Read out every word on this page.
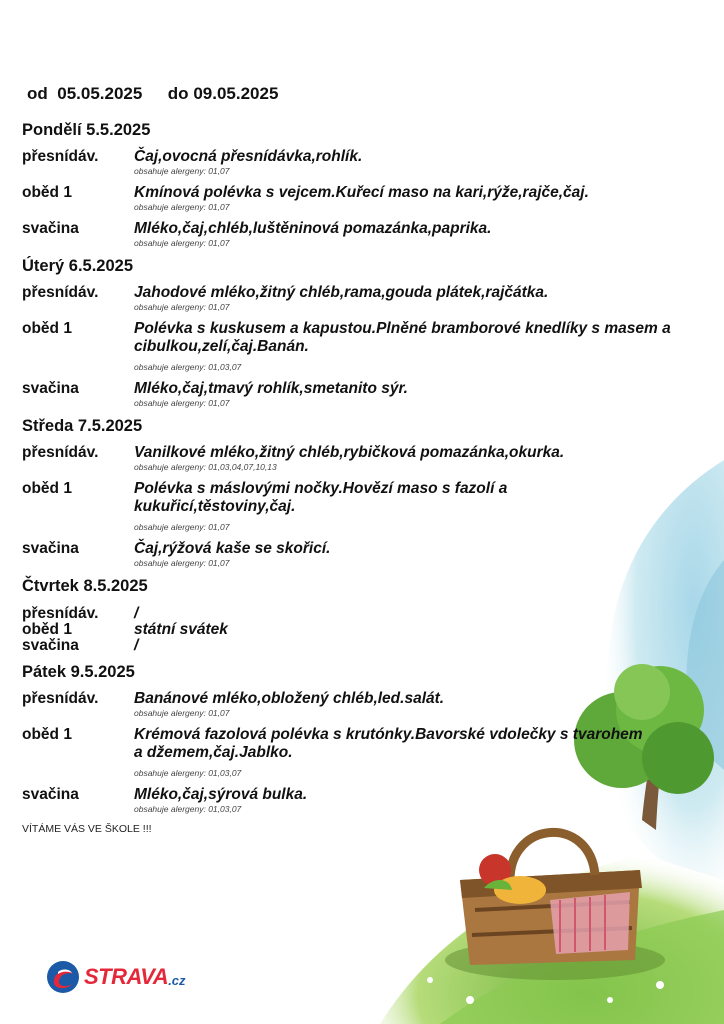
od 05.05.2025 do 09.05.2025
Pondělí 5.5.2025
přesnídáv. Čaj,ovocná přesnídávka,rohlík.
obsahuje alergeny: 01,07
oběd 1	Kmínová polévka s vejcem.Kuřecí maso na kari,rýže,rajče,čaj.
obsahuje alergeny: 01,07
svačina	Mléko,čaj,chléb,luštěninová pomazánka,paprika.
obsahuje alergeny: 01,07
Úterý 6.5.2025
přesnídáv. Jahodové mléko,žitný chléb,rama,gouda plátek,rajčátka.
obsahuje alergeny: 01,07
oběd 1	Polévka s kuskusem a kapustou.Plněné bramborové knedlíky s masem a cibulkou,zelí,čaj.Banán.
obsahuje alergeny: 01,03,07
svačina	Mléko,čaj,tmavý rohlík,smetanito sýr.
obsahuje alergeny: 01,07
Středa 7.5.2025
přesnídáv. Vanilkové mléko,žitný chléb,rybičková pomazánka,okurka.
obsahuje alergeny: 01,03,04,07,10,13
oběd 1	Polévka s máslovými nočky.Hovězí maso s fazolí a kukuřicí,těstoviny,čaj.
obsahuje alergeny: 01,07
svačina	Čaj,rýžová kaše se skořicí.
obsahuje alergeny: 01,07
Čtvrtek 8.5.2025
přesnídáv. /
oběd 1	státní svátek
svačina	/
Pátek 9.5.2025
přesnídáv. Banánové mléko,obložený chléb,led.salát.
obsahuje alergeny: 01,07
oběd 1	Krémová fazolová polévka s krutónky.Bavorské vdolečky s tvarohem a džemem,čaj.Jablko.
obsahuje alergeny: 01,03,07
svačina	Mléko,čaj,sýrová bulka.
obsahuje alergeny: 01,03,07
VÍTÁME VÁS VE ŠKOLE !!!
STRAVA .cz
